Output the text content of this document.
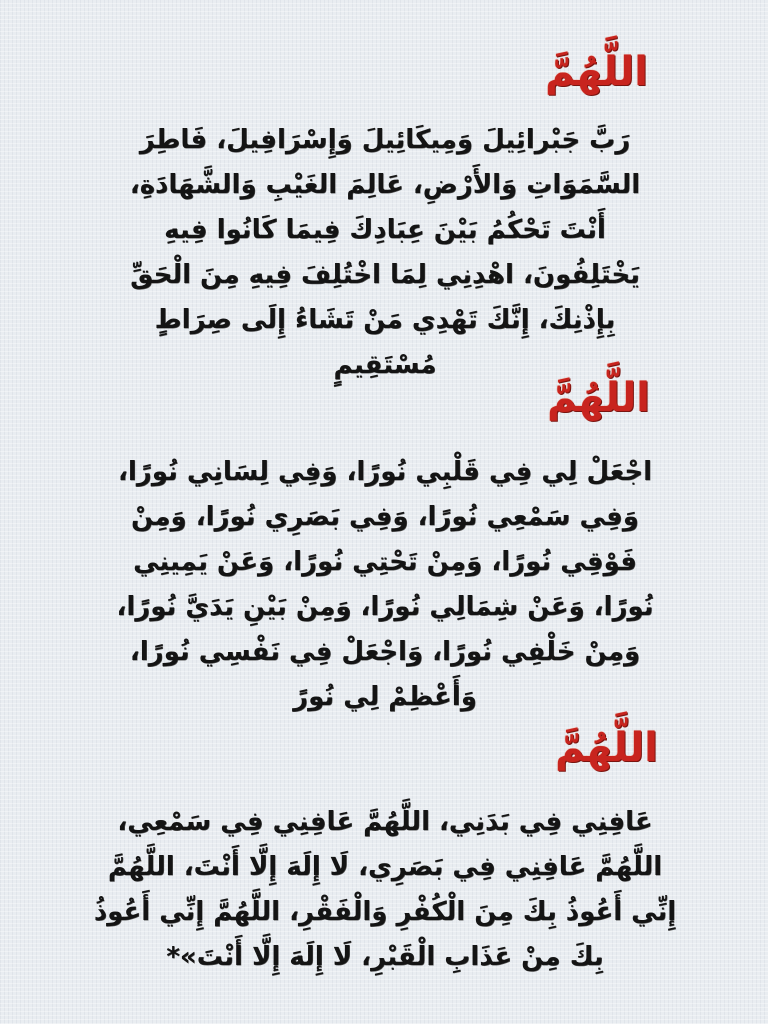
اللَّهُمَّ
رَبَّ جَبْرائِيلَ وَمِيكَائِيلَ وَإِسْرَافِيلَ، فَاطِرَ
السَّمَوَاتِ وَالأَرْضِ، عَالِمَ الغَيْبِ وَالشَّهَادَةِ،
أَنْتَ تَحْكُمُ بَيْنَ عِبَادِكَ فِيمَا كَانُوا فِيهِ
يَخْتَلِفُونَ، اهْدِنِي لِمَا اخْتُلِفَ فِيهِ مِنَ الْحَقِّ
بِإِذْنِكَ، إِنَّكَ تَهْدِي مَنْ تَشَاءُ إِلَى صِرَاطٍ
مُسْتَقِيمٍ
اللَّهُمَّ
اجْعَلْ لِي فِي قَلْبِي نُورًا، وَفِي لِسَانِي نُورًا،
وَفِي سَمْعِي نُورًا، وَفِي بَصَرِي نُورًا، وَمِنْ
فَوْقِي نُورًا، وَمِنْ تَحْتِي نُورًا، وَعَنْ يَمِينِي
نُورًا، وَعَنْ شِمَالِي نُورًا، وَمِنْ بَيْنِ يَدَيَّ نُورًا،
وَمِنْ خَلْفِي نُورًا، وَاجْعَلْ فِي نَفْسِي نُورًا،
وَأَعْظِمْ لِي نُورً
اللَّهُمَّ
عَافِنِي فِي بَدَنِي، اللَّهُمَّ عَافِنِي فِي سَمْعِي،
اللَّهُمَّ عَافِنِي فِي بَصَرِي، لَا إِلَهَ إِلَّا أَنْتَ، اللَّهُمَّ
إِنِّي أَعُوذُ بِكَ مِنَ الْكُفْرِ وَالْفَقْرِ، اللَّهُمَّ إِنِّي أَعُوذُ
بِكَ مِنْ عَذَابِ الْقَبْرِ، لَا إِلَهَ إِلَّا أَنْتَ»*
